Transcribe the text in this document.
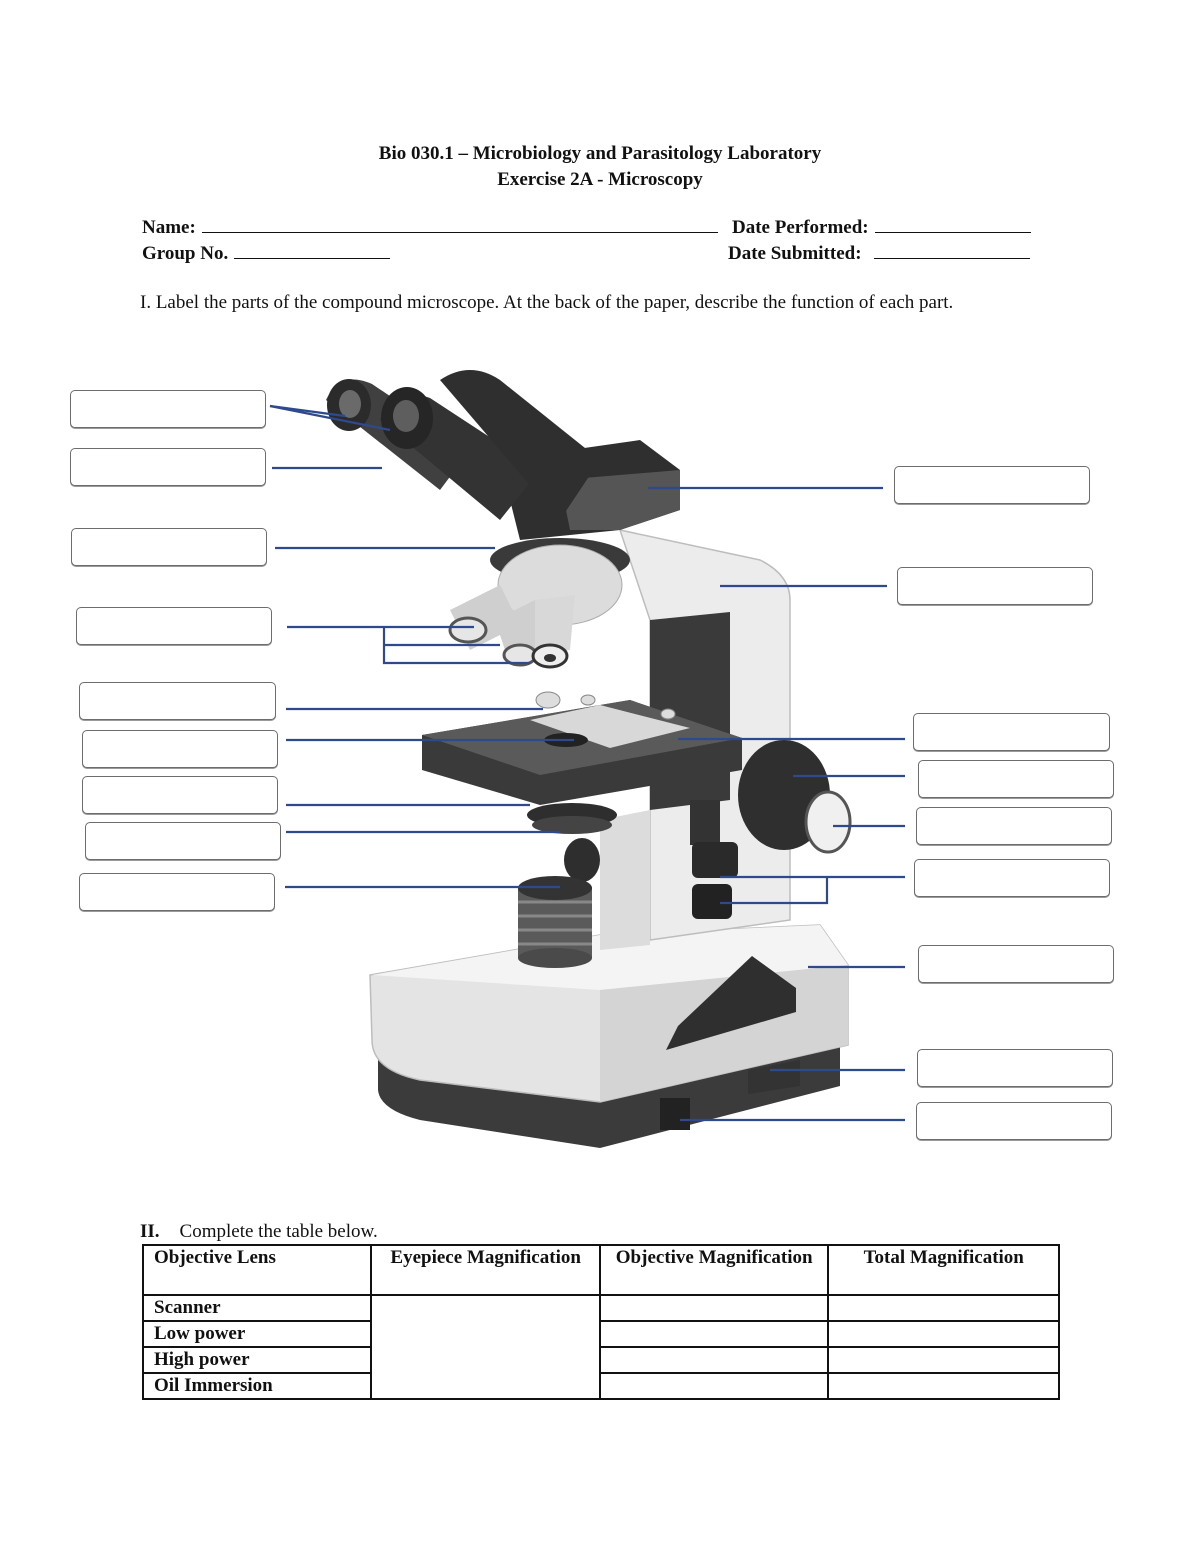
Bio 030.1 – Microbiology and Parasitology Laboratory
Exercise 2A - Microscopy
Name:	Date Performed:
Group No.	Date Submitted:
I. Label the parts of the compound microscope. At the back of the paper, describe the function of each part.
II. Complete the table below.
Objective Lens	Eyepiece Magnification	Objective Magnification	Total Magnification
Scanner			
Low power			
High power			
Oil Immersion			
